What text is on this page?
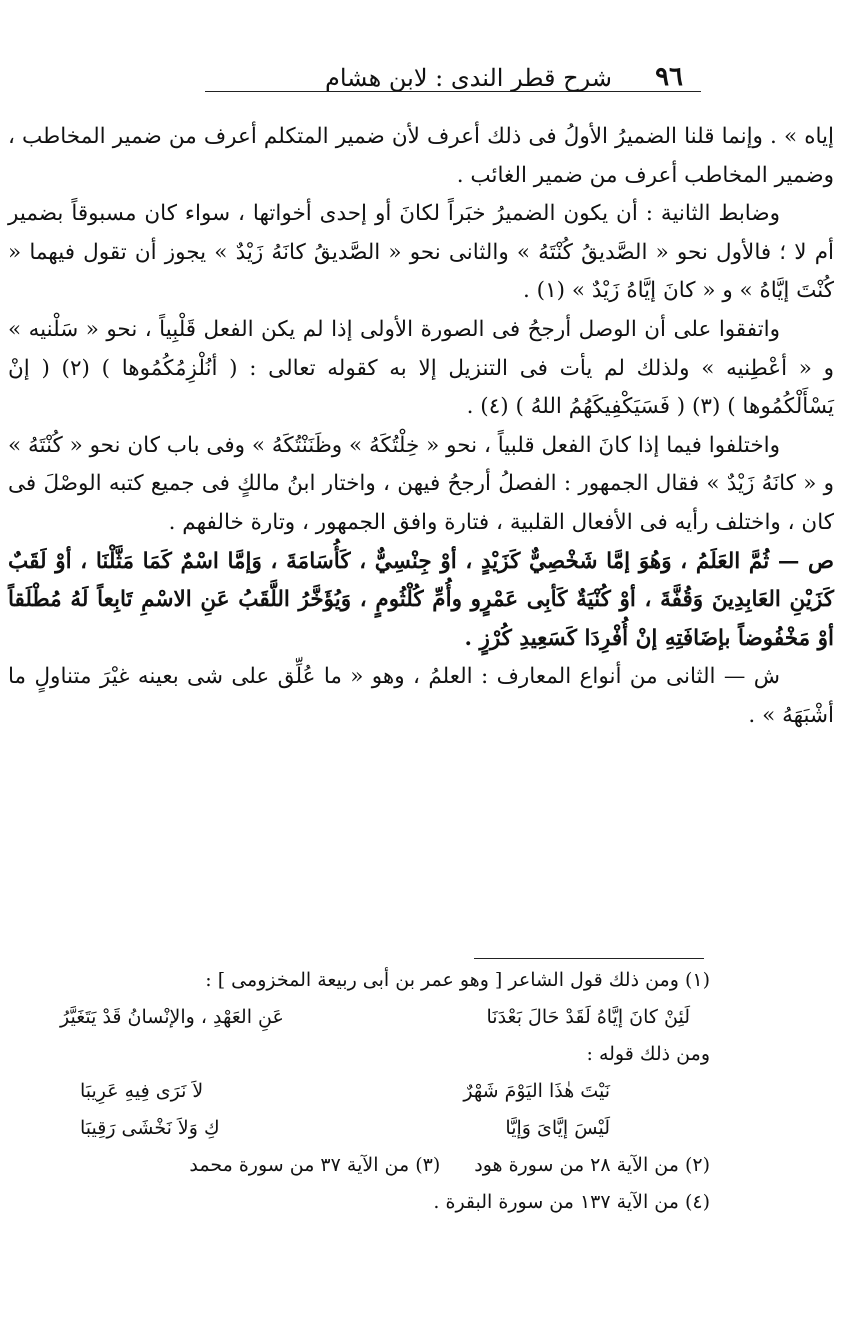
٩٦
شرح قطر الندى : لابن هشام

إياه » . وإنما قلنا الضميرُ الأولُ فى ذلك أعرف لأن ضمير المتكلم أعرف من ضمير المخاطب ، وضمير المخاطب أعرف من ضمير الغائب .

وضابط الثانية : أن يكون الضميرُ خبَراً لكانَ أو إحدى أخواتها ، سواء كان مسبوقاً بضمير أم لا ؛ فالأول نحو « الصَّديقُ كُنْتَهُ » والثانى نحو « الصَّديقُ كانَهُ زَيْدٌ » يجوز أن تقول فيهما « كُنْتَ إيَّاهُ » و « كانَ إيَّاهُ زَيْدٌ » (١) .

واتفقوا على أن الوصل أرجحُ فى الصورة الأولى إذا لم يكن الفعل قَلْبِياً ، نحو « سَلْنيه » و « أعْطِنيه » ولذلك لم يأت فى التنزيل إلا به كقوله تعالى : ( أنُلْزِمُكُمُوها ) (٢) ( إنْ يَسْأَلْكُمُوها ) (٣) ( فَسَيَكْفِيكَهُمُ اللهُ ) (٤) .

واختلفوا فيما إذا كانَ الفعل قلبياً ، نحو « خِلْتُكَهُ » وظَنَنْتُكَهُ » وفى باب كان نحو « كُنْتَهُ » و « كانَهُ زَيْدٌ » فقال الجمهور : الفصلُ أرجحُ فيهن ، واختار ابنُ مالكٍ فى جميع كتبه الوصْلَ فى كان ، واختلف رأيه فى الأفعال القلبية ، فتارة وافق الجمهور ، وتارة خالفهم .

ص — ثُمَّ العَلَمُ ، وَهُوَ إمَّا شَخْصِيٌّ كَزَيْدٍ ، أوْ جِنْسِيٌّ ، كَأُسَامَةَ ، وَإمَّا اسْمٌ كَمَا مَثَّلْنَا ، أوْ لَقَبٌ كَزَيْنِ العَابِدِينَ وَقُفَّةَ ، أوْ كُنْيَةٌ كَأبِى عَمْرٍو وأُمِّ كُلْثُومٍ ، وَيُؤَخَّرُ اللَّقَبُ عَنِ الاسْمِ تَابِعاً لَهُ مُطْلَقاً أوْ مَخْفُوضاً بإضَافَتِهِ إنْ أُفْرِدَا كَسَعِيدِ كُرْزٍ .

ش — الثانى من أنواع المعارف : العلمُ ، وهو « ما عُلِّق على شى بعينه غيْرَ متناولٍ ما أشْبَهَهُ » .

(١) ومن ذلك قول الشاعر [ وهو عمر بن أبى ربيعة المخزومى ] :

لَئِنْ كانَ إيَّاهُ لَقَدْ حَالَ بَعْدَنَا
عَنِ العَهْدِ ، والإنْسانُ قَدْ يَتَغَيَّرُ

ومن ذلك قوله :

نَيْتَ هٰذَا اليَوْمَ شَهْرٌ
لاَ نَرَى فِيهِ عَرِيبَا
لَيْسَ إيَّاىَ وَإيَّا
كِ وَلاَ نَخْشَى رَقِيبَا
(٢) من الآية ٢٨ من سورة هود
(٣) من الآية ٣٧ من سورة محمد

(٤) من الآية ١٣٧ من سورة البقرة .
